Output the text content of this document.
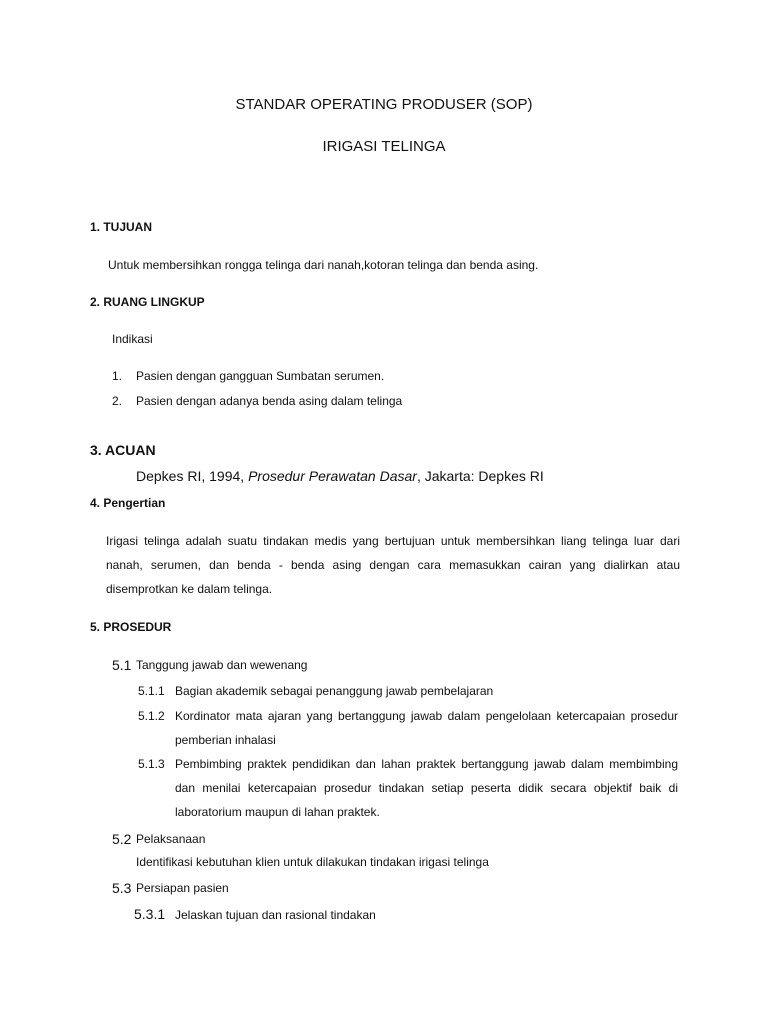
STANDAR OPERATING PRODUSER (SOP)
IRIGASI TELINGA
1. TUJUAN
Untuk membersihkan rongga telinga dari nanah,kotoran telinga dan benda asing.
2. RUANG LINGKUP
Indikasi
1. Pasien dengan gangguan Sumbatan serumen.
2. Pasien dengan adanya benda asing dalam telinga
3. ACUAN
Depkes RI, 1994, Prosedur Perawatan Dasar, Jakarta: Depkes RI
4. Pengertian
Irigasi telinga adalah suatu tindakan medis yang bertujuan untuk membersihkan liang telinga luar dari nanah, serumen, dan benda - benda asing dengan cara memasukkan cairan yang dialirkan atau disemprotkan ke dalam telinga.
5. PROSEDUR
5.1 Tanggung jawab dan wewenang
5.1.1 Bagian akademik sebagai penanggung jawab pembelajaran
5.1.2 Kordinator mata ajaran yang bertanggung jawab dalam pengelolaan ketercapaian prosedur pemberian inhalasi
5.1.3 Pembimbing praktek pendidikan dan lahan praktek bertanggung jawab dalam membimbing dan menilai ketercapaian prosedur tindakan setiap peserta didik secara objektif baik di laboratorium maupun di lahan praktek.
5.2 Pelaksanaan
Identifikasi kebutuhan klien untuk dilakukan tindakan irigasi telinga
5.3 Persiapan pasien
5.3.1 Jelaskan tujuan dan rasional tindakan
